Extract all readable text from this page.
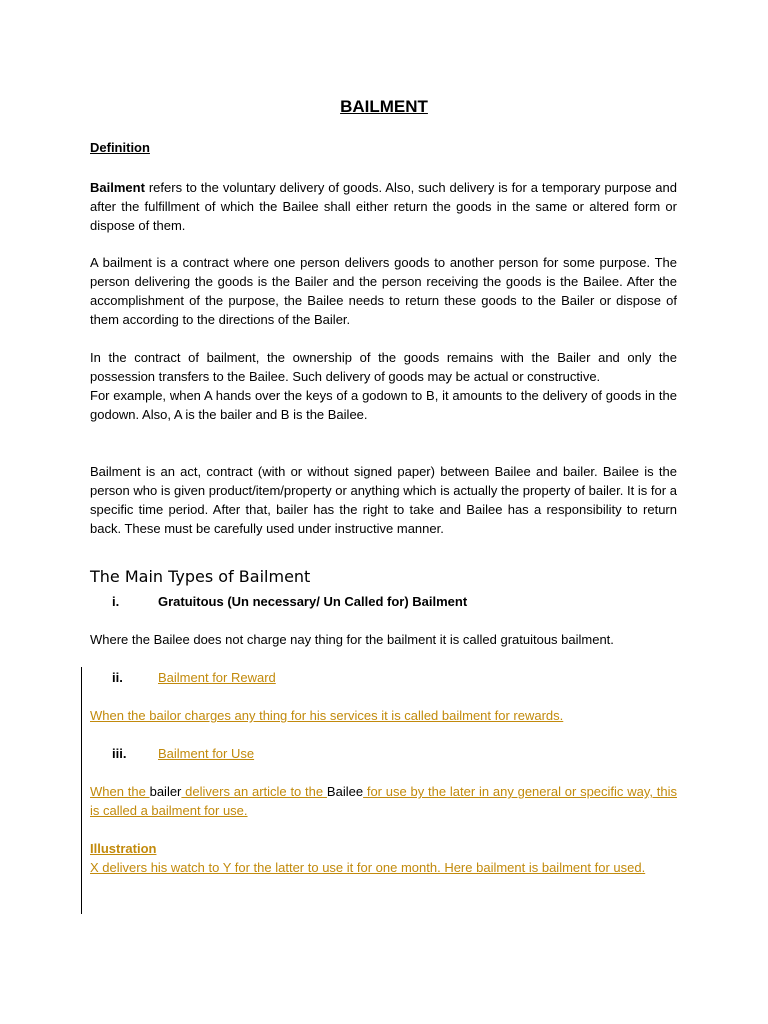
BAILMENT
Definition

Bailment refers to the voluntary delivery of goods. Also, such delivery is for a temporary purpose and after the fulfillment of which the Bailee shall either return the goods in the same or altered form or dispose of them.

A bailment is a contract where one person delivers goods to another person for some purpose. The person delivering the goods is the Bailer and the person receiving the goods is the Bailee. After the accomplishment of the purpose, the Bailee needs to return these goods to the Bailer or dispose of them according to the directions of the Bailer.

In the contract of bailment, the ownership of the goods remains with the Bailer and only the possession transfers to the Bailee. Such delivery of goods may be actual or constructive.

For example, when A hands over the keys of a godown to B, it amounts to the delivery of goods in the godown. Also, A is the bailer and B is the Bailee.

Bailment is an act, contract (with or without signed paper) between Bailee and bailer. Bailee is the person who is given product/item/property or anything which is actually the property of bailer. It is for a specific time period. After that, bailer has the right to take and Bailee has a responsibility to return back. These must be carefully used under instructive manner.

The Main Types of Bailment
i.	Gratuitous (Un necessary/ Un Called for) Bailment

Where the Bailee does not charge nay thing for the bailment it is called gratuitous bailment.

ii.	Bailment for Reward

When the bailor charges any thing for his services it is called bailment for rewards.

iii. Bailment for Use

When the bailer delivers an article to the Bailee for use by the later in any general or specific way, this is called a bailment for use.

Illustration

X delivers his watch to Y for the latter to use it for one month. Here bailment is bailment for used.
